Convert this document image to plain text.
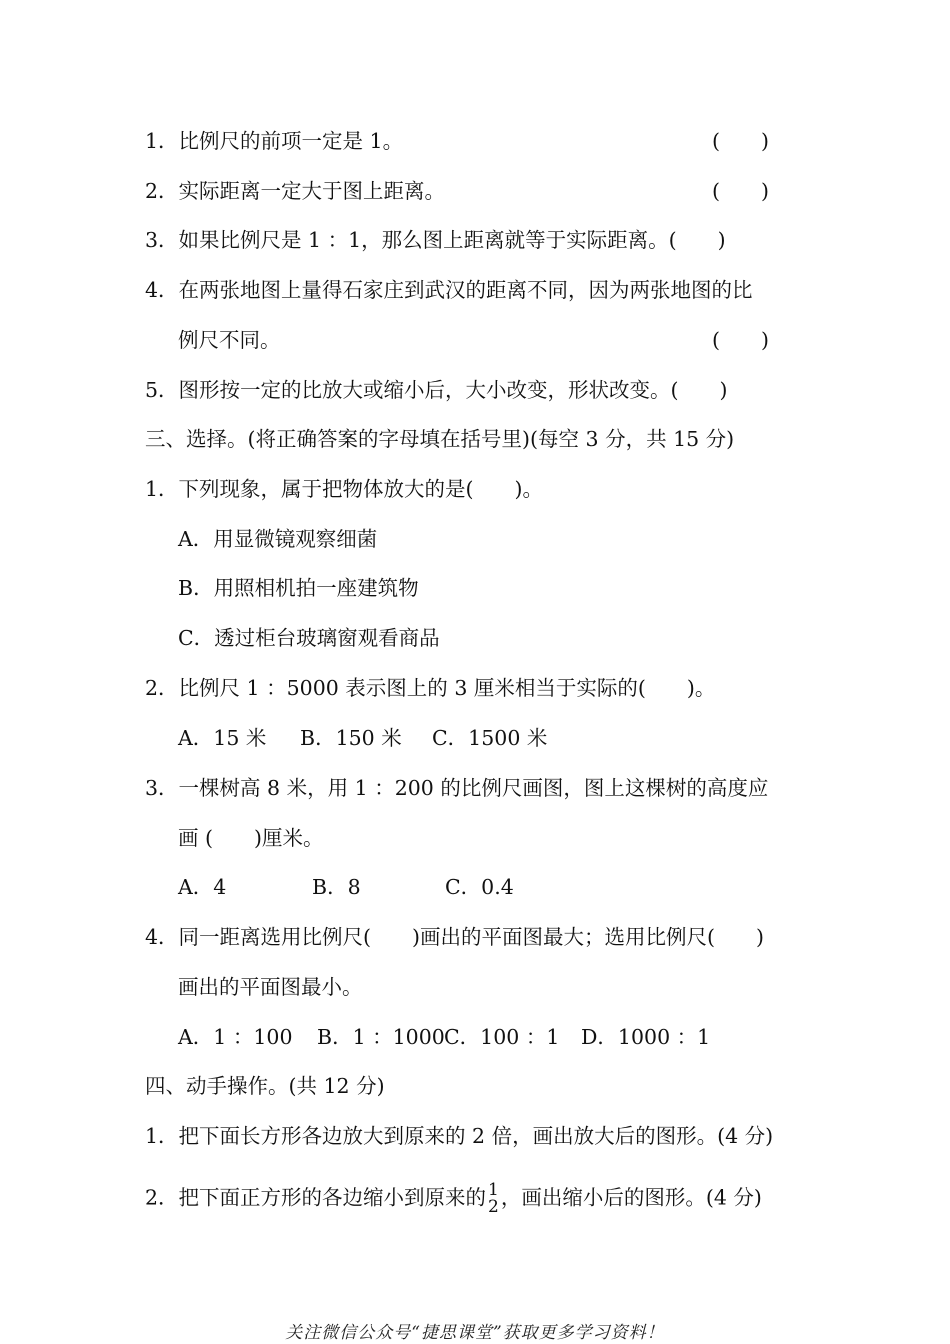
1．比例尺的前项一定是 1。	(　　)
2．实际距离一定大于图上距离。	(　　)
3．如果比例尺是 1 ：1，那么图上距离就等于实际距离。(　　)
4．在两张地图上量得石家庄到武汉的距离不同，因为两张地图的比
例尺不同。	(　　)
5．图形按一定的比放大或缩小后，大小改变，形状改变。(　　)
三、选择。(将正确答案的字母填在括号里)(每空 3 分，共 15 分)
1．下列现象，属于把物体放大的是(　　)。
A．用显微镜观察细菌
B．用照相机拍一座建筑物
C．透过柜台玻璃窗观看商品
2．比例尺 1 ：5000 表示图上的 3 厘米相当于实际的(　　)。
A．15 米 B．150 米 C．1500 米
3．一棵树高 8 米，用 1 ：200 的比例尺画图，图上这棵树的高度应
画 (　　)厘米。
A．4	B．8	C．0.4
4．同一距离选用比例尺(　　)画出的平面图最大；选用比例尺(　　)
画出的平面图最小。
A．1 ：100 B．1 ：1000 C．100 ：1 D．1000 ：1
四、动手操作。(共 12 分)
1．把下面长方形各边放大到原来的 2 倍，画出放大后的图形。(4 分)
2．把下面正方形的各边缩小到原来的 1
2 ，画出缩小后的图形。(4 分)
关注微信公众号“捷思课堂”获取更多学习资料！
